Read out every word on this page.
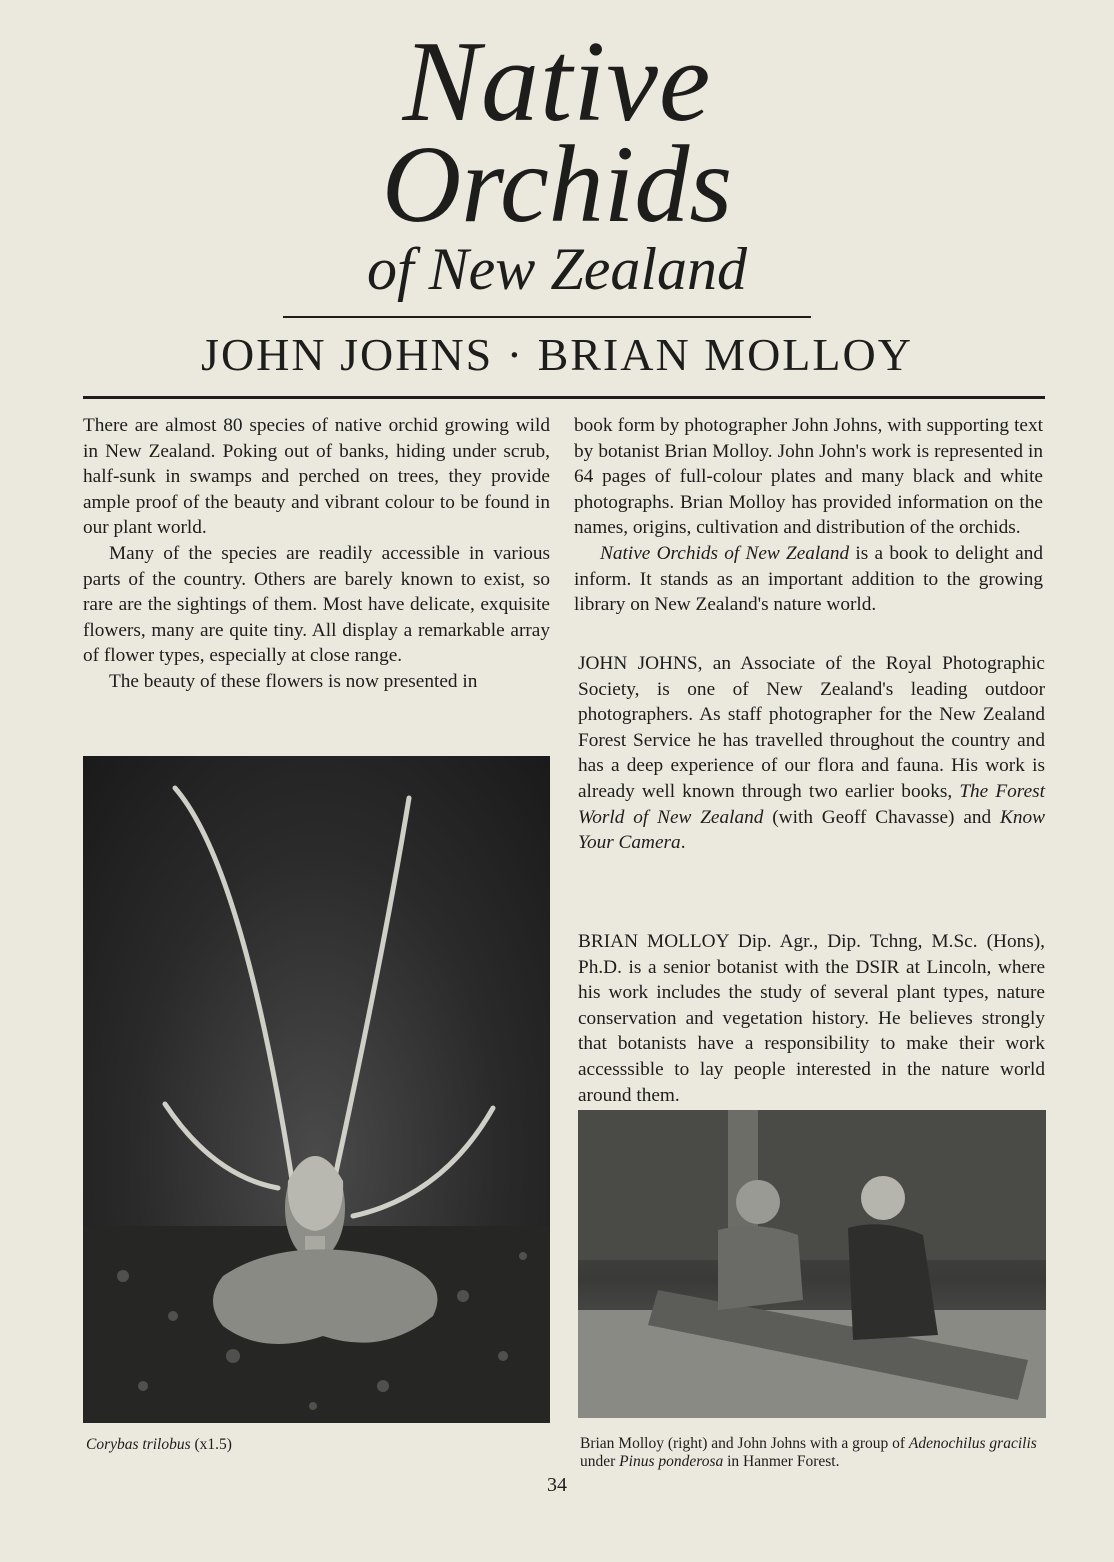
Native
Orchids
of New Zealand
JOHN JOHNS · BRIAN MOLLOY

There are almost 80 species of native orchid growing wild in New Zealand. Poking out of banks, hiding under scrub, half-sunk in swamps and perched on trees, they provide ample proof of the beauty and vibrant colour to be found in our plant world.

Many of the species are readily accessible in various parts of the country. Others are barely known to exist, so rare are the sightings of them. Most have delicate, exquisite flowers, many are quite tiny. All display a remarkable array of flower types, especially at close range.

The beauty of these flowers is now presented in

book form by photographer John Johns, with supporting text by botanist Brian Molloy. John John's work is represented in 64 pages of full-colour plates and many black and white photographs. Brian Molloy has provided information on the names, origins, cultivation and distribution of the orchids.

Native Orchids of New Zealand is a book to delight and inform. It stands as an important addition to the growing library on New Zealand's nature world.

JOHN JOHNS, an Associate of the Royal Photographic Society, is one of New Zealand's leading outdoor photographers. As staff photographer for the New Zealand Forest Service he has travelled throughout the country and has a deep experience of our flora and fauna. His work is already well known through two earlier books, The Forest World of New Zealand (with Geoff Chavasse) and Know Your Camera.

BRIAN MOLLOY Dip. Agr., Dip. Tchng, M.Sc. (Hons), Ph.D. is a senior botanist with the DSIR at Lincoln, where his work includes the study of several plant types, nature conservation and vegetation history. He believes strongly that botanists have a responsibility to make their work accesssible to lay people interested in the nature world around them.

Corybas trilobus (x1.5)	Brian Molloy (right) and John Johns with a group of Adenochilus gracilis under Pinus ponderosa in Hanmer Forest.
34
